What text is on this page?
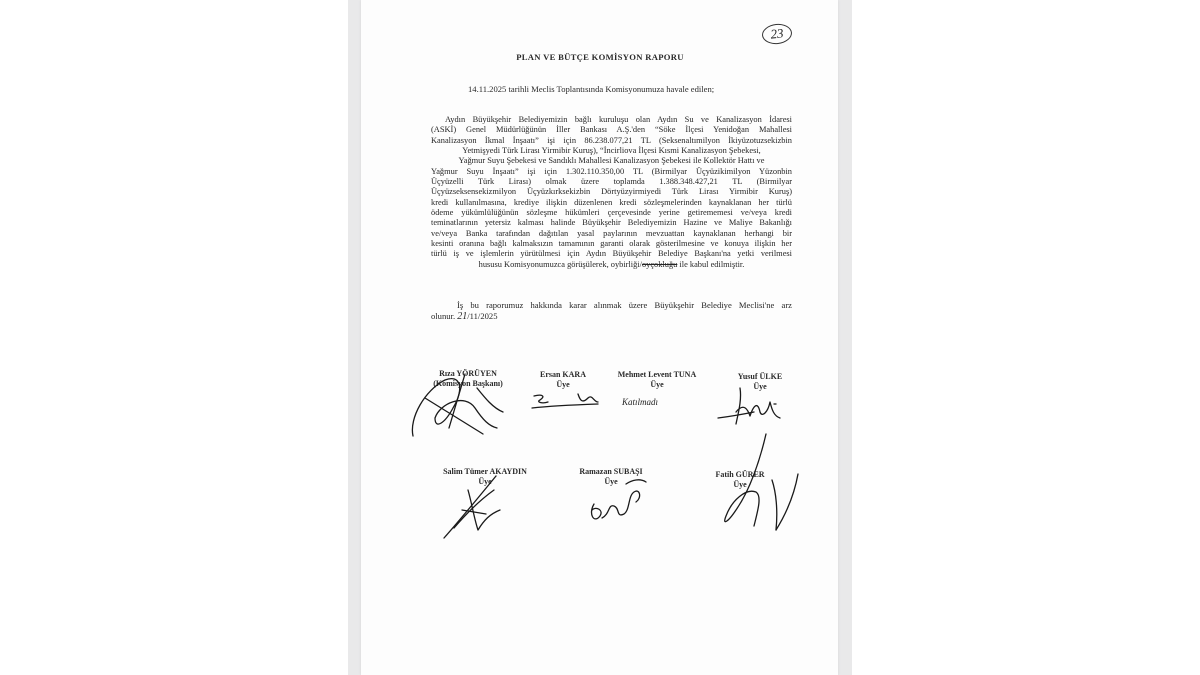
23
PLAN VE BÜTÇE KOMİSYON RAPORU
14.11.2025 tarihli Meclis Toplantısında Komisyonumuza havale edilen;
Aydın Büyükşehir Belediyemizin bağlı kuruluşu olan Aydın Su ve Kanalizasyon İdaresi
(ASKİ) Genel Müdürlüğünün İller Bankası A.Ş.'den “Söke İlçesi Yenidoğan Mahallesi
Kanalizasyon İkmal İnşaatı” işi için 86.238.077,21 TL (Seksenaltımilyon İkiyüzotuzsekizbin
Yetmişyedi Türk Lirası Yirmibir Kuruş), “İncirliova İlçesi Kısmi Kanalizasyon Şebekesi,
Yağmur Suyu Şebekesi ve Sandıklı Mahallesi Kanalizasyon Şebekesi ile Kollektör Hattı ve
Yağmur Suyu İnşaatı” işi için 1.302.110.350,00 TL (Birmilyar Üçyüzikimilyon Yüzonbin
Üçyüzelli Türk Lirası) olmak üzere toplamda 1.388.348.427,21 TL (Birmilyar
Üçyüzseksensekizmilyon Üçyüzkırksekizbin Dörtyüzyirmiyedi Türk Lirası Yirmibir Kuruş)
kredi kullanılmasına, krediye ilişkin düzenlenen kredi sözleşmelerinden kaynaklanan her türlü
ödeme yükümlülüğünün sözleşme hükümleri çerçevesinde yerine getirememesi ve/veya kredi
teminatlarının yetersiz kalması halinde Büyükşehir Belediyemizin Hazine ve Maliye Bakanlığı
ve/veya Banka tarafından dağıtılan yasal paylarının mevzuattan kaynaklanan herhangi bir
kesinti oranına bağlı kalmaksızın tamamının garanti olarak gösterilmesine ve konuya ilişkin her
türlü iş ve işlemlerin yürütülmesi için Aydın Büyükşehir Belediye Başkanı'na yetki verilmesi
hususu Komisyonumuzca görüşülerek, oybirliği/oyçokluğu ile kabul edilmiştir.
İş bu raporumuz hakkında karar alınmak üzere Büyükşehir Belediye Meclisi'ne arz
olunur. 21/11/2025
Rıza YÖRÜYEN
(Komisyon Başkanı)
Ersan KARA
Üye
Mehmet Levent TUNA
Üye
Yusuf ÜLKE
Üye
Salim Tümer AKAYDIN
Üye
Ramazan SUBAŞI
Üye
Fatih GÜRER
Üye
Katılmadı
